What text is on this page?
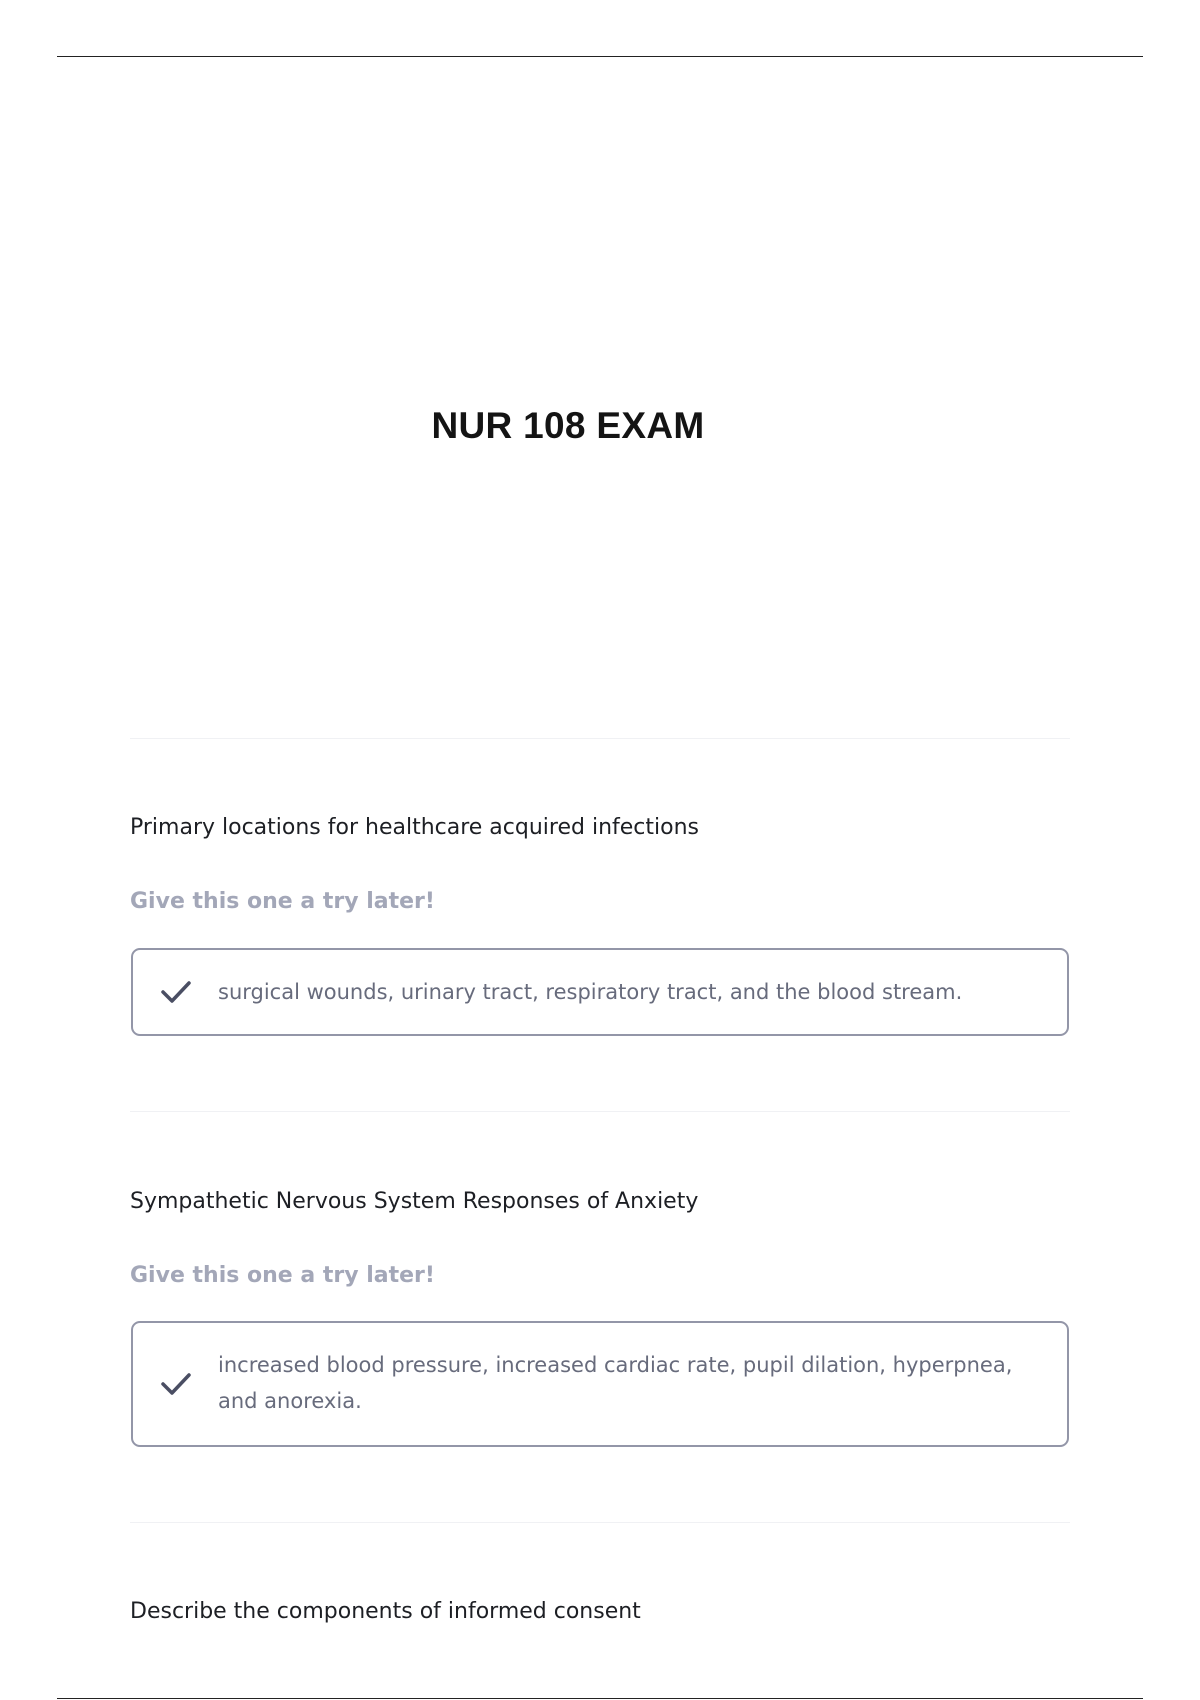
NUR 108 EXAM
Primary locations for healthcare acquired infections
Give this one a try later!
surgical wounds, urinary tract, respiratory tract, and the blood stream.
Sympathetic Nervous System Responses of Anxiety
Give this one a try later!
increased blood pressure, increased cardiac rate, pupil dilation, hyperpnea, and anorexia.
Describe the components of informed consent
